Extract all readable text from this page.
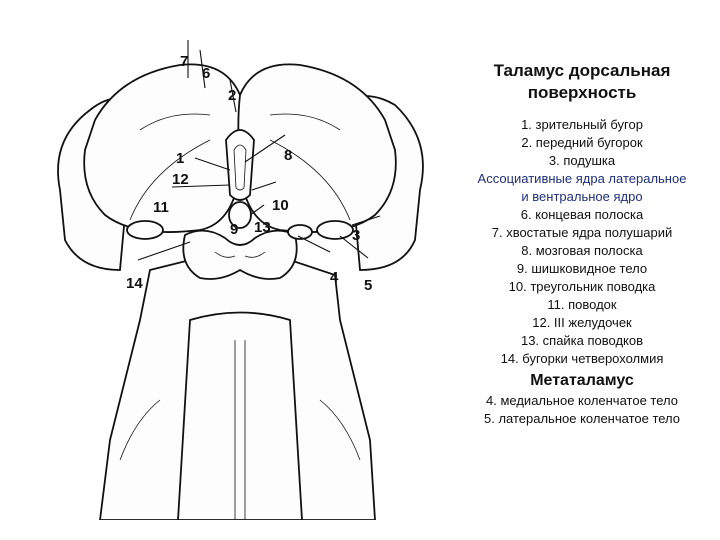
7
6
2
1
12
8
11	10
9 13	3
14	4 5
Таламус дорсальная
поверхность
1. зрительный бугор
2. передний бугорок
3. подушка
Ассоциативные ядра латеральное
и вентральное ядро
6. концевая полоска
7. хвостатые ядра полушарий
8. мозговая полоска
9. шишковидное тело
10. треугольник поводка
11. поводок
12. III желудочек
13. спайка поводков
14. бугорки четверохолмия
Метаталамус
4. медиальное коленчатое тело
5. латеральное коленчатое тело
